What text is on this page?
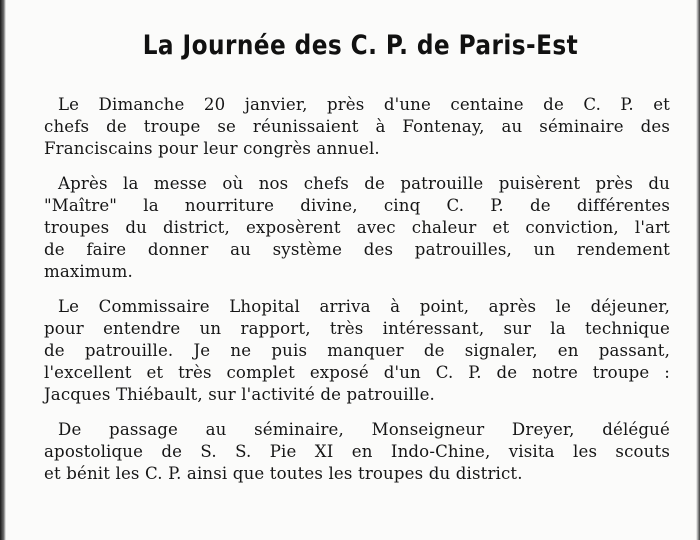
La Journée des C. P. de Paris-Est
Le Dimanche 20 janvier, près d'une centaine de C. P. et
chefs de troupe se réunissaient à Fontenay, au séminaire des
Franciscains pour leur congrès annuel.
Après la messe où nos chefs de patrouille puisèrent près du
"Maître" la nourriture divine, cinq C. P. de différentes
troupes du district, exposèrent avec chaleur et conviction, l'art
de faire donner au système des patrouilles, un rendement
maximum.
Le Commissaire Lhopital arriva à point, après le déjeuner,
pour entendre un rapport, très intéressant, sur la technique
de patrouille. Je ne puis manquer de signaler, en passant,
l'excellent et très complet exposé d'un C. P. de notre troupe :
Jacques Thiébault, sur l'activité de patrouille.
De passage au séminaire, Monseigneur Dreyer, délégué
apostolique de S. S. Pie XI en Indo-Chine, visita les scouts
et bénit les C. P. ainsi que toutes les troupes du district.
